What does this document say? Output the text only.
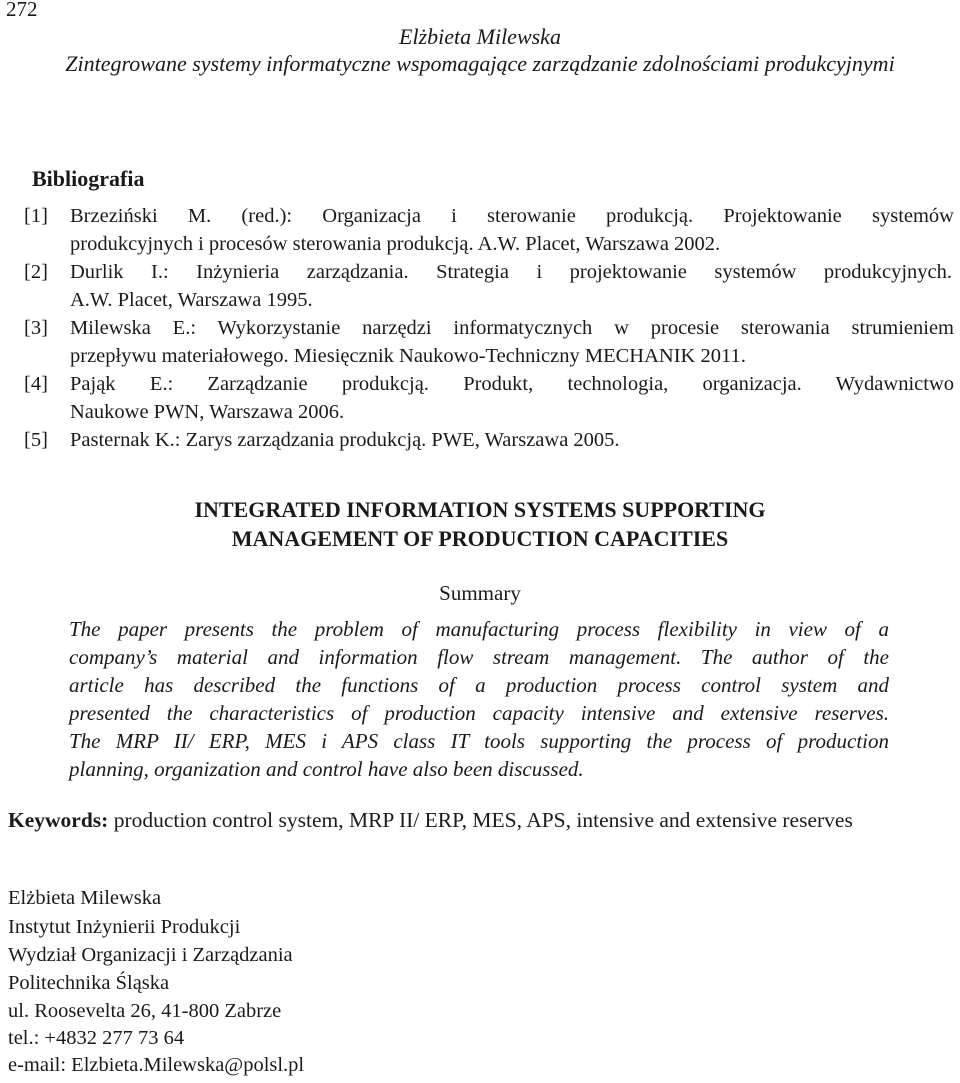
272
Elżbieta Milewska
Zintegrowane systemy informatyczne wspomagające zarządzanie zdolnościami produkcyjnymi
Bibliografia
[1] Brzeziński M. (red.): Organizacja i sterowanie produkcją. Projektowanie systemów
produkcyjnych i procesów sterowania produkcją. A.W. Placet, Warszawa 2002.
[2] Durlik I.: Inżynieria zarządzania. Strategia i projektowanie systemów produkcyjnych.
A.W. Placet, Warszawa 1995.
[3] Milewska E.: Wykorzystanie narzędzi informatycznych w procesie sterowania strumieniem
przepływu materiałowego. Miesięcznik Naukowo-Techniczny MECHANIK 2011.
[4] Pająk E.: Zarządzanie produkcją. Produkt, technologia, organizacja. Wydawnictwo
Naukowe PWN, Warszawa 2006.
[5] Pasternak K.: Zarys zarządzania produkcją. PWE, Warszawa 2005.
INTEGRATED INFORMATION SYSTEMS SUPPORTING
MANAGEMENT OF PRODUCTION CAPACITIES
Summary
The paper presents the problem of manufacturing process flexibility in view of a
company’s material and information flow stream management. The author of the
article has described the functions of a production process control system and
presented the characteristics of production capacity intensive and extensive reserves.
The MRP II/ ERP, MES i APS class IT tools supporting the process of production
planning, organization and control have also been discussed.
Keywords: production control system, MRP II/ ERP, MES, APS, intensive and extensive reserves
Elżbieta Milewska
Instytut Inżynierii Produkcji
Wydział Organizacji i Zarządzania
Politechnika Śląska
ul. Roosevelta 26, 41-800 Zabrze
tel.: +4832 277 73 64
e-mail: Elzbieta.Milewska@polsl.pl
